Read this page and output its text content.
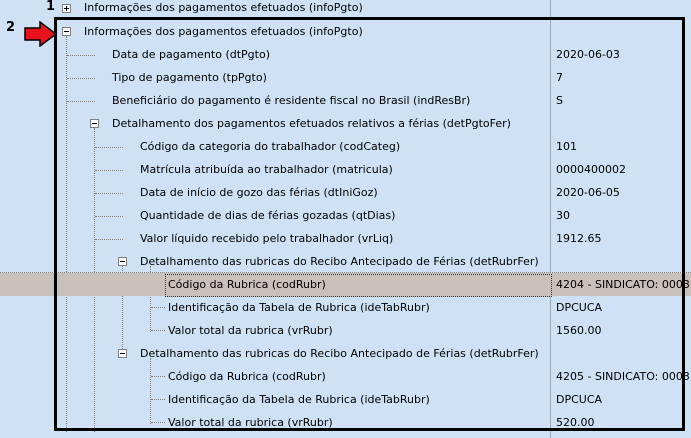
Informações dos pagamentos efetuados (infoPgto)
Informações dos pagamentos efetuados (infoPgto)
Data de pagamento (dtPgto)	2020-06-03
Tipo de pagamento (tpPgto)	7
Beneficiário do pagamento é residente fiscal no Brasil (indResBr)	S
Detalhamento dos pagamentos efetuados relativos a férias (detPgtoFer)
Código da categoria do trabalhador (codCateg)	101
Matrícula atribuída ao trabalhador (matricula)	0000400002
Data de início de gozo das férias (dtIniGoz)	2020-06-05
Quantidade de dias de férias gozadas (qtDias)	30
Valor líquido recebido pelo trabalhador (vrLiq)	1912.65
Detalhamento das rubricas do Recibo Antecipado de Férias (detRubrFer)
Código da Rubrica (codRubr)	4204 - SINDICATO: 0003
Identificação da Tabela de Rubrica (ideTabRubr)	DPCUCA
Valor total da rubrica (vrRubr)	1560.00
Detalhamento das rubricas do Recibo Antecipado de Férias (detRubrFer)
Código da Rubrica (codRubr)	4205 - SINDICATO: 0003
Identificação da Tabela de Rubrica (ideTabRubr)	DPCUCA
Valor total da rubrica (vrRubr)	520.00
1
2
